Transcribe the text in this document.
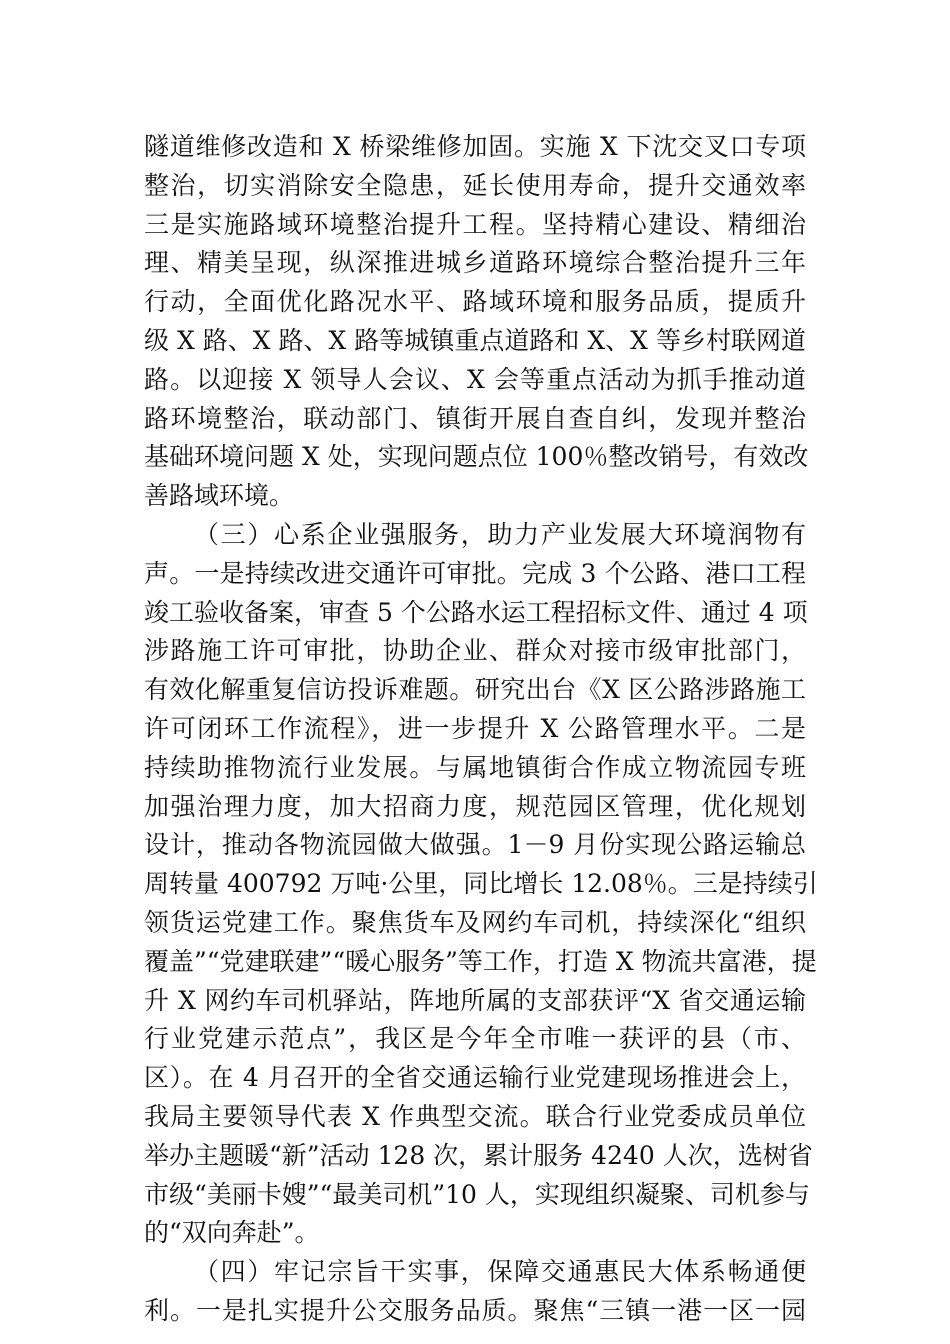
隧道维修改造和 X 桥梁维修加固。实施 X 下沈交叉口专项
整治，切实消除安全隐患，延长使用寿命，提升交通效率
三是实施路域环境整治提升工程。坚持精心建设、精细治
理、精美呈现，纵深推进城乡道路环境综合整治提升三年
行动，全面优化路况水平、路域环境和服务品质，提质升
级 X 路、X 路、X 路等城镇重点道路和 X、X 等乡村联网道
路。以迎接 X 领导人会议、X 会等重点活动为抓手推动道
路环境整治，联动部门、镇街开展自查自纠，发现并整治
基础环境问题 X 处，实现问题点位 100％整改销号，有效改
善路域环境。
（三）心系企业强服务，助力产业发展大环境润物有
声。一是持续改进交通许可审批。完成 3 个公路、港口工程
竣工验收备案，审查 5 个公路水运工程招标文件、通过 4 项
涉路施工许可审批，协助企业、群众对接市级审批部门，
有效化解重复信访投诉难题。研究出台《X 区公路涉路施工
许可闭环工作流程》，进一步提升 X 公路管理水平。二是
持续助推物流行业发展。与属地镇街合作成立物流园专班
加强治理力度，加大招商力度，规范园区管理，优化规划
设计，推动各物流园做大做强。1－9 月份实现公路运输总
周转量 400792 万吨·公里，同比增长 12.08％。三是持续引
领货运党建工作。聚焦货车及网约车司机，持续深化“组织
覆盖”“党建联建”“暖心服务”等工作，打造 X 物流共富港，提
升 X 网约车司机驿站，阵地所属的支部获评“X 省交通运输
行业党建示范点”，我区是今年全市唯一获评的县（市、
区）。在 4 月召开的全省交通运输行业党建现场推进会上，
我局主要领导代表 X 作典型交流。联合行业党委成员单位
举办主题暖“新”活动 128 次，累计服务 4240 人次，选树省
市级“美丽卡嫂”“最美司机”10 人，实现组织凝聚、司机参与
的“双向奔赴”。
（四）牢记宗旨干实事，保障交通惠民大体系畅通便
利。一是扎实提升公交服务品质。聚焦“三镇一港一区一园
